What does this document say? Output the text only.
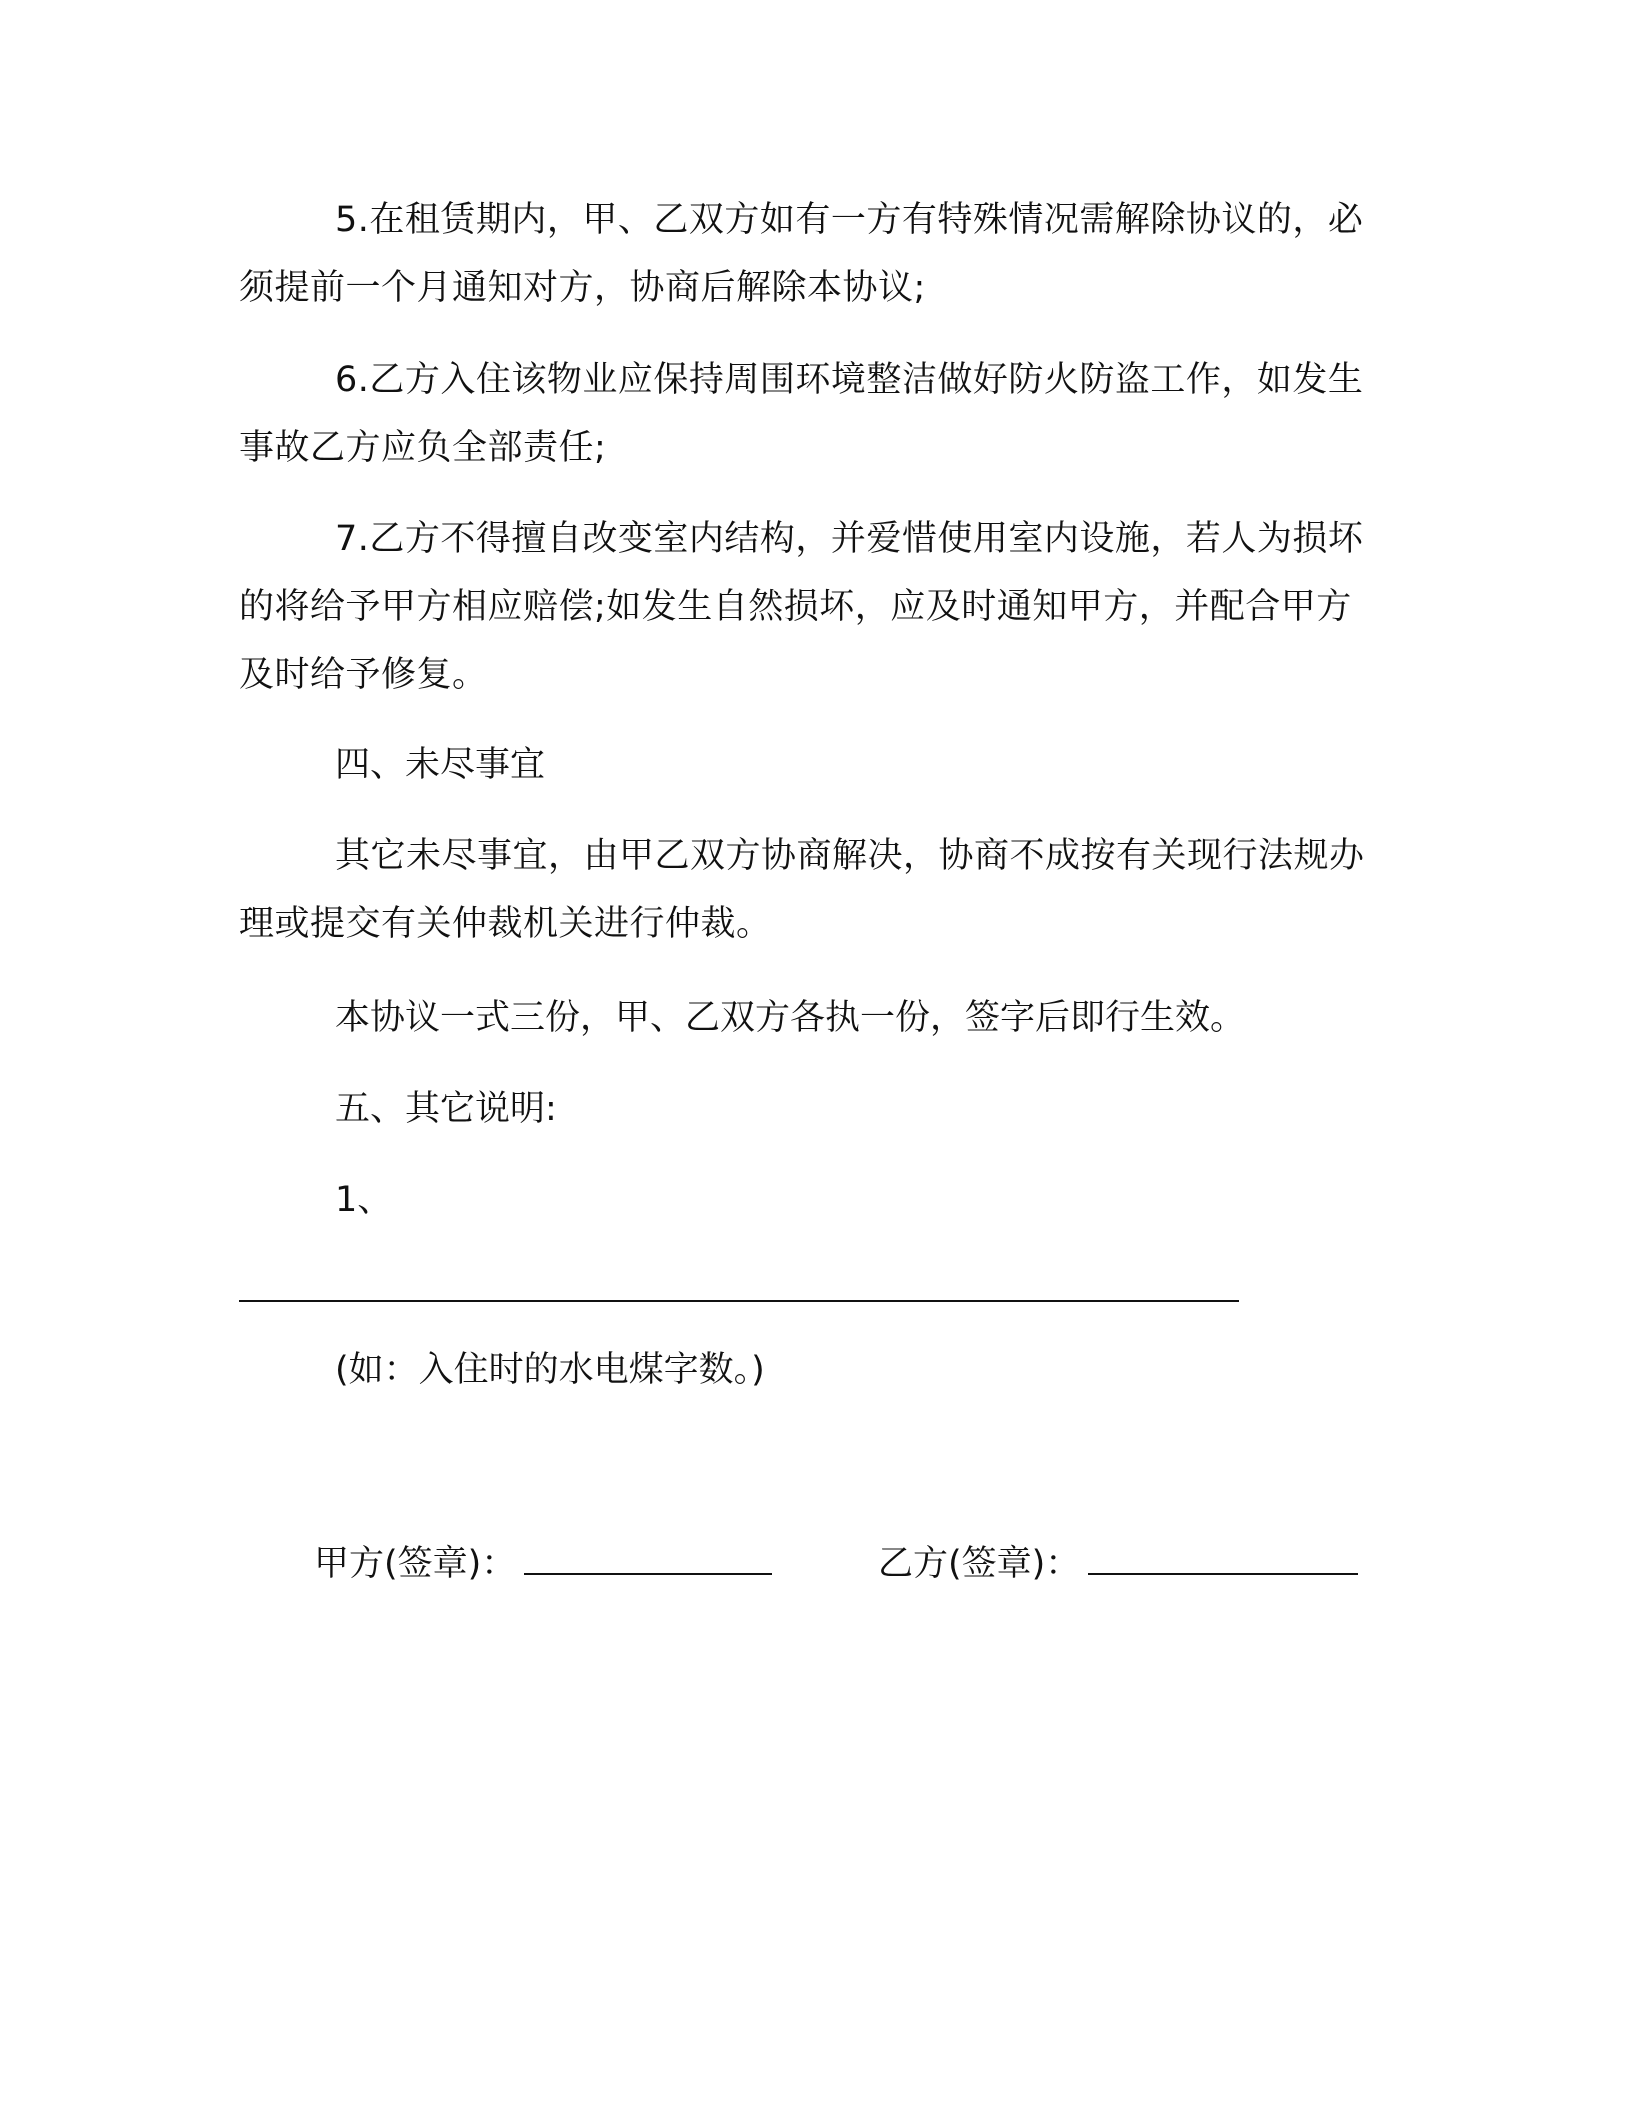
5.在租赁期内，甲、乙双方如有一方有特殊情况需解除协议的，必须提前一个月通知对方，协商后解除本协议;

6.乙方入住该物业应保持周围环境整洁做好防火防盗工作，如发生事故乙方应负全部责任;

7.乙方不得擅自改变室内结构，并爱惜使用室内设施，若人为损坏的将给予甲方相应赔偿;如发生自然损坏，应及时通知甲方，并配合甲方及时给予修复。

四、未尽事宜

其它未尽事宜，由甲乙双方协商解决，协商不成按有关现行法规办理或提交有关仲裁机关进行仲裁。

本协议一式三份，甲、乙双方各执一份，签字后即行生效。

五、其它说明:

1、

(如：入住时的水电煤字数。)

甲方(签章)：	乙方(签章)：
